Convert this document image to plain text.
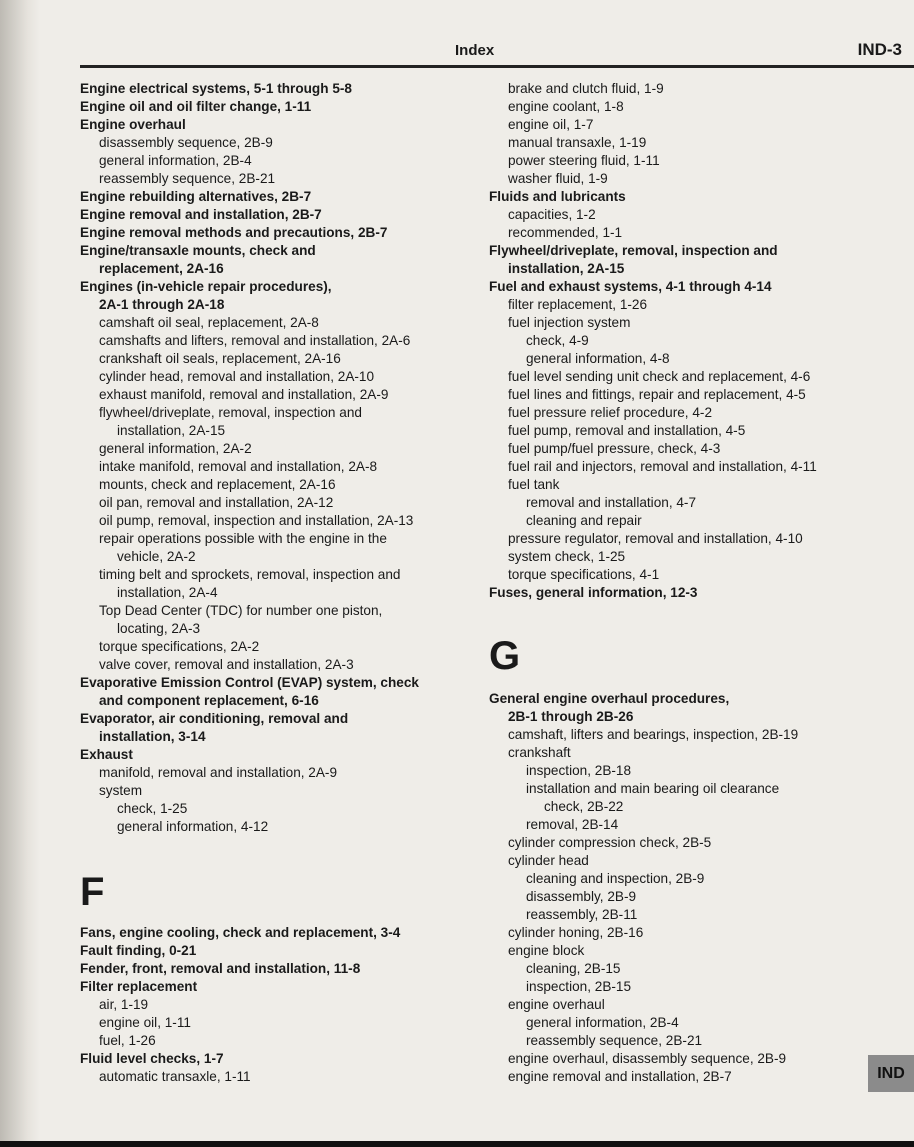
Index	IND-3
Engine electrical systems, 5-1 through 5-8
Engine oil and oil filter change, 1-11
Engine overhaul
disassembly sequence, 2B-9
general information, 2B-4
reassembly sequence, 2B-21
Engine rebuilding alternatives, 2B-7
Engine removal and installation, 2B-7
Engine removal methods and precautions, 2B-7
Engine/transaxle mounts, check and
replacement, 2A-16
Engines (in-vehicle repair procedures),
2A-1 through 2A-18
camshaft oil seal, replacement, 2A-8
camshafts and lifters, removal and installation, 2A-6
crankshaft oil seals, replacement, 2A-16
cylinder head, removal and installation, 2A-10
exhaust manifold, removal and installation, 2A-9
flywheel/driveplate, removal, inspection and
installation, 2A-15
general information, 2A-2
intake manifold, removal and installation, 2A-8
mounts, check and replacement, 2A-16
oil pan, removal and installation, 2A-12
oil pump, removal, inspection and installation, 2A-13
repair operations possible with the engine in the
vehicle, 2A-2
timing belt and sprockets, removal, inspection and
installation, 2A-4
Top Dead Center (TDC) for number one piston,
locating, 2A-3
torque specifications, 2A-2
valve cover, removal and installation, 2A-3
Evaporative Emission Control (EVAP) system, check
and component replacement, 6-16
Evaporator, air conditioning, removal and
installation, 3-14
Exhaust
manifold, removal and installation, 2A-9
system
check, 1-25
general information, 4-12
F
Fans, engine cooling, check and replacement, 3-4
Fault finding, 0-21
Fender, front, removal and installation, 11-8
Filter replacement
air, 1-19
engine oil, 1-11
fuel, 1-26
Fluid level checks, 1-7
automatic transaxle, 1-11
brake and clutch fluid, 1-9
engine coolant, 1-8
engine oil, 1-7
manual transaxle, 1-19
power steering fluid, 1-11
washer fluid, 1-9
Fluids and lubricants
capacities, 1-2
recommended, 1-1
Flywheel/driveplate, removal, inspection and
installation, 2A-15
Fuel and exhaust systems, 4-1 through 4-14
filter replacement, 1-26
fuel injection system
check, 4-9
general information, 4-8
fuel level sending unit check and replacement, 4-6
fuel lines and fittings, repair and replacement, 4-5
fuel pressure relief procedure, 4-2
fuel pump, removal and installation, 4-5
fuel pump/fuel pressure, check, 4-3
fuel rail and injectors, removal and installation, 4-11
fuel tank
removal and installation, 4-7
cleaning and repair
pressure regulator, removal and installation, 4-10
system check, 1-25
torque specifications, 4-1
Fuses, general information, 12-3
G
General engine overhaul procedures,
2B-1 through 2B-26
camshaft, lifters and bearings, inspection, 2B-19
crankshaft
inspection, 2B-18
installation and main bearing oil clearance
check, 2B-22
removal, 2B-14
cylinder compression check, 2B-5
cylinder head
cleaning and inspection, 2B-9
disassembly, 2B-9
reassembly, 2B-11
cylinder honing, 2B-16
engine block
cleaning, 2B-15
inspection, 2B-15
engine overhaul
general information, 2B-4
reassembly sequence, 2B-21
engine overhaul, disassembly sequence, 2B-9
engine removal and installation, 2B-7	IND
